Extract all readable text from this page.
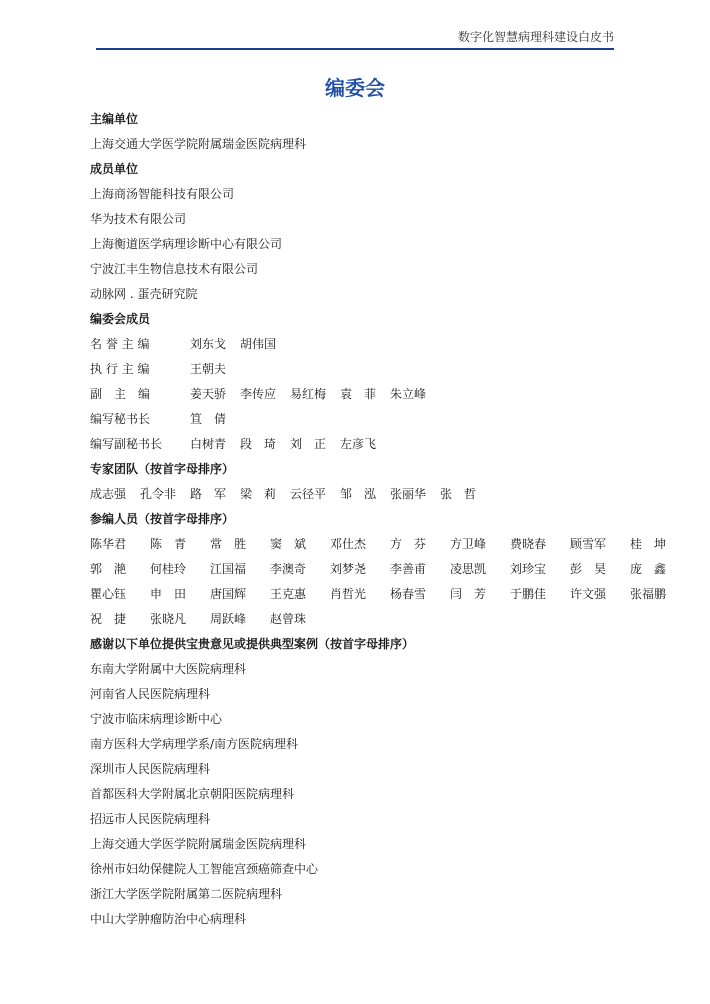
数字化智慧病理科建设白皮书
编委会
主编单位
上海交通大学医学院附属瑞金医院病理科
成员单位
上海商汤智能科技有限公司
华为技术有限公司
上海衡道医学病理诊断中心有限公司
宁波江丰生物信息技术有限公司
动脉网 . 蛋壳研究院
编委会成员
名 誉 主 编	刘东戈 胡伟国
执 行 主 编	王朝夫
副　主　编	姜天骄 李传应 易红梅 袁　菲 朱立峰
编写秘书长	笪　倩
编写副秘书长 白树青 段　琦 刘　正 左彦飞
专家团队（按首字母排序）
成志强 孔令非 路　军 梁　莉 云径平 邹　泓 张丽华 张　哲
参编人员（按首字母排序）
陈华君 陈　青 常　胜 窦　斌 邓仕杰 方　芬 方卫峰 费晓春 顾雪军 桂　坤
郭　滟 何桂玲 江国福 李澳奇 刘梦尧 李善甫 凌思凯 刘珍宝 彭　昊 庞　鑫
瞿心钰 申　田 唐国辉 王克惠 肖哲光 杨春雪 闫　芳 于鹏佳 许文强 张福鹏
祝　捷 张晓凡 周跃峰 赵曾珠
感谢以下单位提供宝贵意见或提供典型案例（按首字母排序）
东南大学附属中大医院病理科
河南省人民医院病理科
宁波市临床病理诊断中心
南方医科大学病理学系/南方医院病理科
深圳市人民医院病理科
首都医科大学附属北京朝阳医院病理科
招远市人民医院病理科
上海交通大学医学院附属瑞金医院病理科
徐州市妇幼保健院人工智能宫颈癌筛查中心
浙江大学医学院附属第二医院病理科
中山大学肿瘤防治中心病理科
